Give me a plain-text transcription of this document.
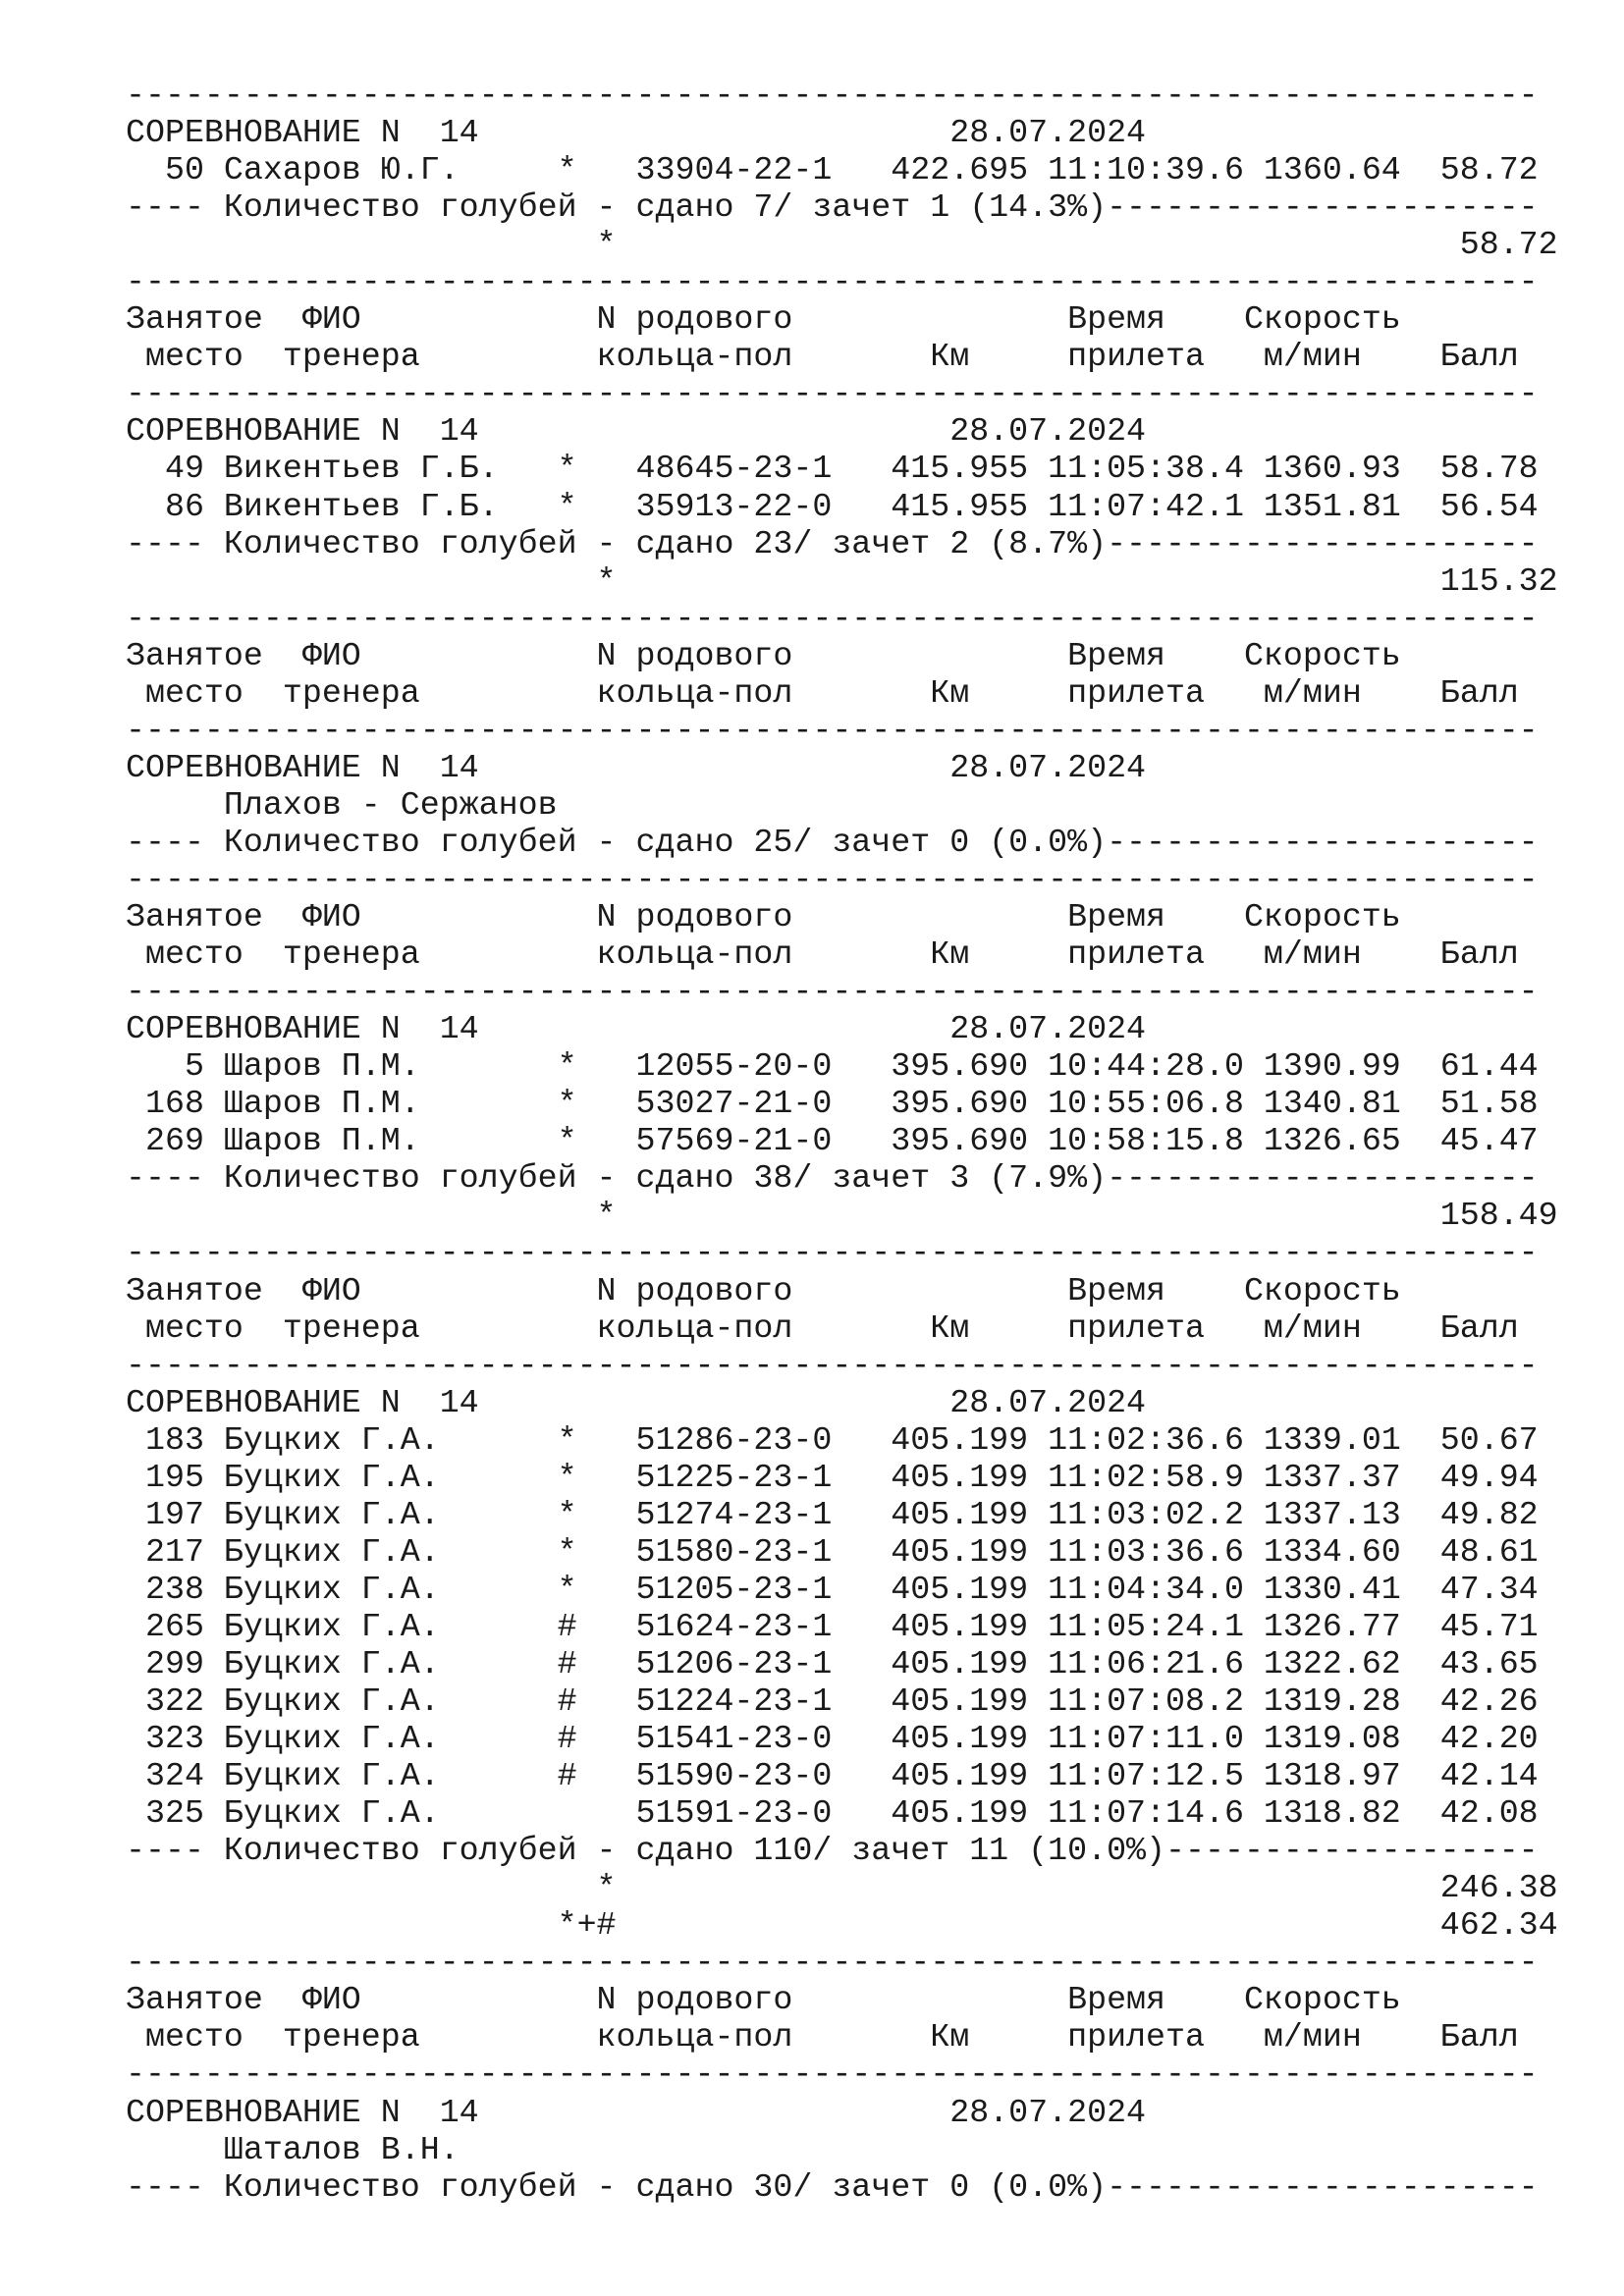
------------------------------------------------------------------------
СОРЕВНОВАНИЕ N  14                        28.07.2024
50 Сахаров Ю.Г.     *   33904-22-1   422.695 11:10:39.6 1360.64  58.72
---- Количество голубей - сдано 7/ зачет 1 (14.3%)----------------------
*                                           58.72
------------------------------------------------------------------------
Занятое  ФИО            N родового              Время    Скорость
место  тренера         кольца-пол       Км     прилета   м/мин    Балл
------------------------------------------------------------------------
СОРЕВНОВАНИЕ N  14                        28.07.2024
49 Викентьев Г.Б.   *   48645-23-1   415.955 11:05:38.4 1360.93  58.78
86 Викентьев Г.Б.   *   35913-22-0   415.955 11:07:42.1 1351.81  56.54
---- Количество голубей - сдано 23/ зачет 2 (8.7%)----------------------
*                                          115.32
------------------------------------------------------------------------
Занятое  ФИО            N родового              Время    Скорость
место  тренера         кольца-пол       Км     прилета   м/мин    Балл
------------------------------------------------------------------------
СОРЕВНОВАНИЕ N  14                        28.07.2024
Плахов - Сержанов
---- Количество голубей - сдано 25/ зачет 0 (0.0%)----------------------
------------------------------------------------------------------------
Занятое  ФИО            N родового              Время    Скорость
место  тренера         кольца-пол       Км     прилета   м/мин    Балл
------------------------------------------------------------------------
СОРЕВНОВАНИЕ N  14                        28.07.2024
5 Шаров П.М.       *   12055-20-0   395.690 10:44:28.0 1390.99  61.44
168 Шаров П.М.       *   53027-21-0   395.690 10:55:06.8 1340.81  51.58
269 Шаров П.М.       *   57569-21-0   395.690 10:58:15.8 1326.65  45.47
---- Количество голубей - сдано 38/ зачет 3 (7.9%)----------------------
*                                          158.49
------------------------------------------------------------------------
Занятое  ФИО            N родового              Время    Скорость
место  тренера         кольца-пол       Км     прилета   м/мин    Балл
------------------------------------------------------------------------
СОРЕВНОВАНИЕ N  14                        28.07.2024
183 Буцких Г.А.      *   51286-23-0   405.199 11:02:36.6 1339.01  50.67
195 Буцких Г.А.      *   51225-23-1   405.199 11:02:58.9 1337.37  49.94
197 Буцких Г.А.      *   51274-23-1   405.199 11:03:02.2 1337.13  49.82
217 Буцких Г.А.      *   51580-23-1   405.199 11:03:36.6 1334.60  48.61
238 Буцких Г.А.      *   51205-23-1   405.199 11:04:34.0 1330.41  47.34
265 Буцких Г.А.      #   51624-23-1   405.199 11:05:24.1 1326.77  45.71
299 Буцких Г.А.      #   51206-23-1   405.199 11:06:21.6 1322.62  43.65
322 Буцких Г.А.      #   51224-23-1   405.199 11:07:08.2 1319.28  42.26
323 Буцких Г.А.      #   51541-23-0   405.199 11:07:11.0 1319.08  42.20
324 Буцких Г.А.      #   51590-23-0   405.199 11:07:12.5 1318.97  42.14
325 Буцких Г.А.          51591-23-0   405.199 11:07:14.6 1318.82  42.08
---- Количество голубей - сдано 110/ зачет 11 (10.0%)-------------------
*                                          246.38
*+#                                          462.34
------------------------------------------------------------------------
Занятое  ФИО            N родового              Время    Скорость
место  тренера         кольца-пол       Км     прилета   м/мин    Балл
------------------------------------------------------------------------
СОРЕВНОВАНИЕ N  14                        28.07.2024
Шаталов В.Н.
---- Количество голубей - сдано 30/ зачет 0 (0.0%)----------------------
